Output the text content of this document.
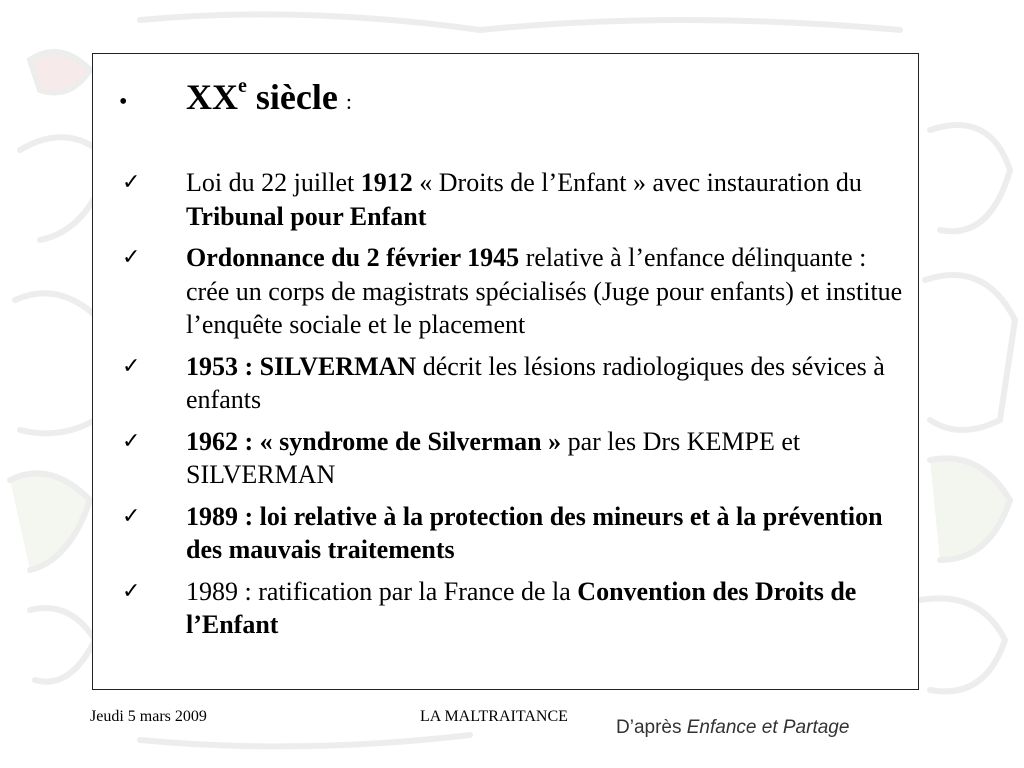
•	XXe siècle :
✓	Loi du 22 juillet 1912 « Droits de l’Enfant » avec instauration du Tribunal pour Enfant
✓	Ordonnance du 2 février 1945 relative à l’enfance délinquante : crée un corps de magistrats spécialisés (Juge pour enfants) et institue l’enquête sociale et le placement
✓	1953 : SILVERMAN décrit les lésions radiologiques des sévices à enfants
✓	1962 : « syndrome de Silverman » par les Drs KEMPE et SILVERMAN
✓	1989 : loi relative à la protection des mineurs et à la prévention des mauvais traitements
✓	1989 : ratification par la France de la Convention des Droits de l’Enfant
Jeudi 5 mars 2009	LA MALTRAITANCE
D’après Enfance et Partage
